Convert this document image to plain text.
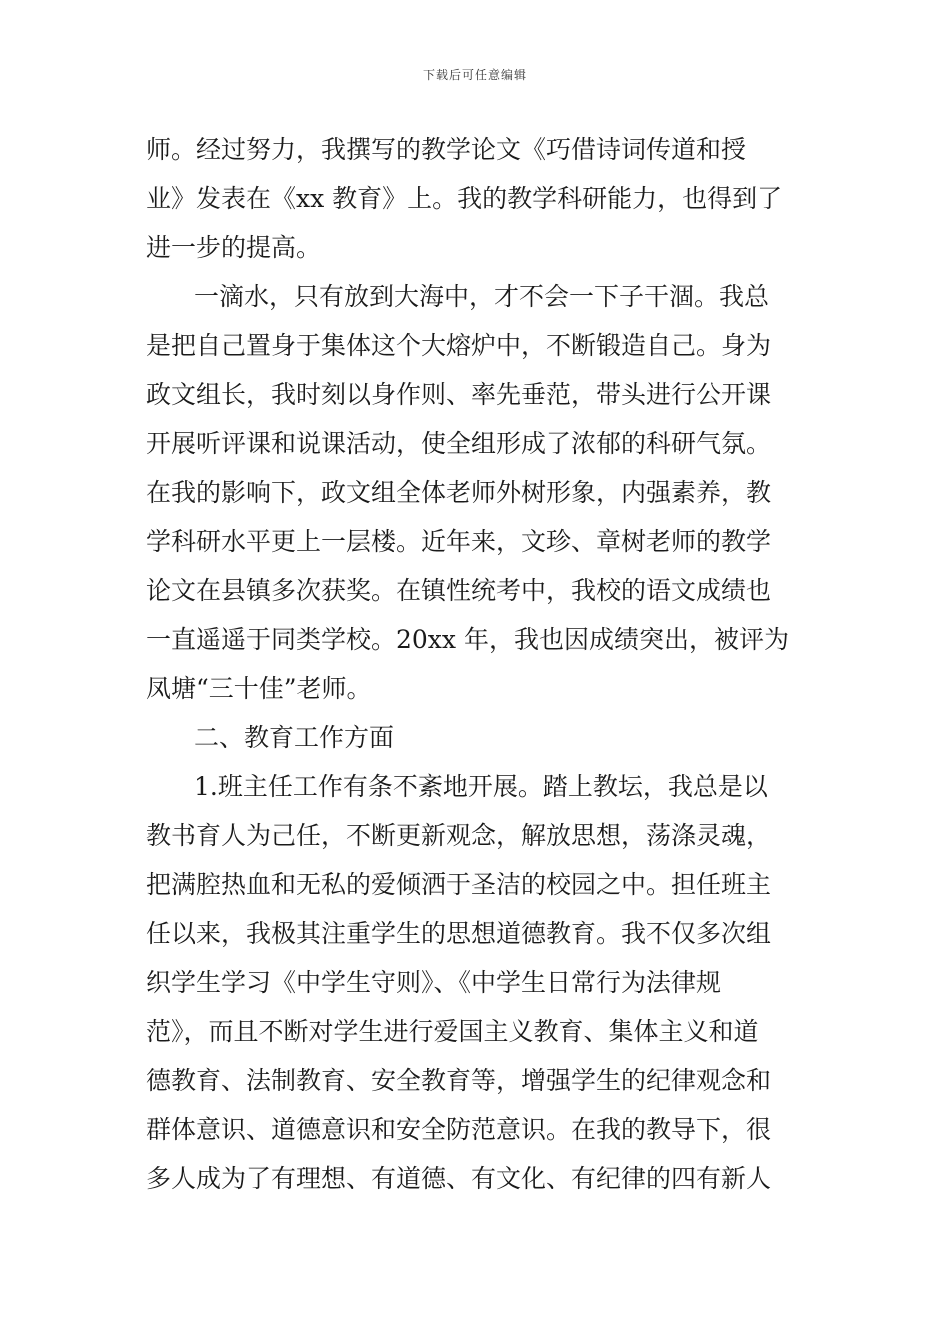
下载后可任意编辑
师。经过努力，我撰写的教学论文《巧借诗词传道和授
业》发表在《xx 教育》上。我的教学科研能力，也得到了
进一步的提高。
一滴水，只有放到大海中，才不会一下子干涸。我总
是把自己置身于集体这个大熔炉中，不断锻造自己。身为
政文组长，我时刻以身作则、率先垂范，带头进行公开课
开展听评课和说课活动，使全组形成了浓郁的科研气氛。
在我的影响下，政文组全体老师外树形象，内强素养，教
学科研水平更上一层楼。近年来，文珍、章树老师的教学
论文在县镇多次获奖。在镇性统考中，我校的语文成绩也
一直遥遥于同类学校。20xx 年，我也因成绩突出，被评为
凤塘“三十佳”老师。
二、教育工作方面
1.班主任工作有条不紊地开展。踏上教坛，我总是以
教书育人为己任，不断更新观念，解放思想，荡涤灵魂，
把满腔热血和无私的爱倾洒于圣洁的校园之中。担任班主
任以来，我极其注重学生的思想道德教育。我不仅多次组
织学生学习《中学生守则》、《中学生日常行为法律规
范》，而且不断对学生进行爱国主义教育、集体主义和道
德教育、法制教育、安全教育等，增强学生的纪律观念和
群体意识、道德意识和安全防范意识。在我的教导下，很
多人成为了有理想、有道德、有文化、有纪律的四有新人
